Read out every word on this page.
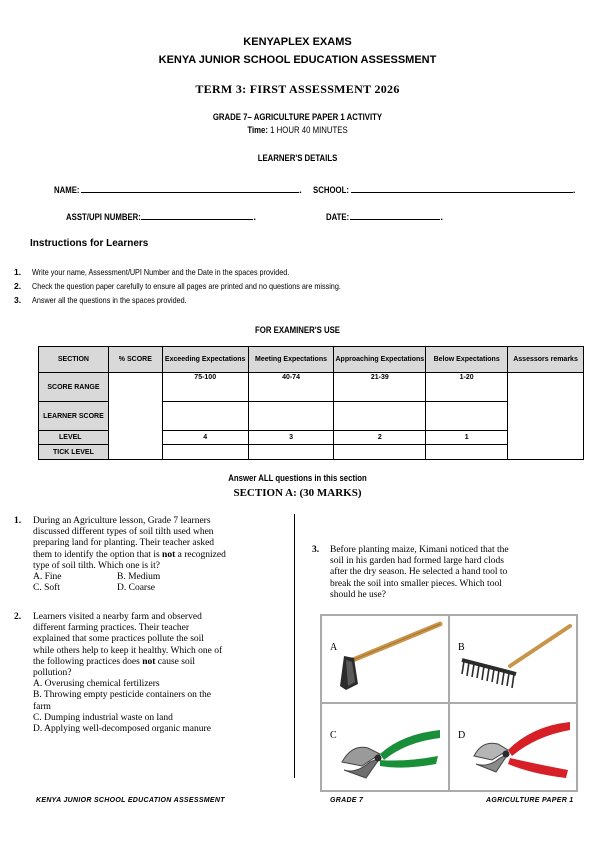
KENYAPLEX EXAMS
KENYA JUNIOR SCHOOL EDUCATION ASSESSMENT
TERM 3: FIRST ASSESSMENT 2026
GRADE 7– AGRICULTURE PAPER 1 ACTIVITY
Time: 1 HOUR 40 MINUTES
LEARNER'S DETAILS
NAME:	. SCHOOL:	.
ASST/UPI NUMBER:	.	DATE:	.
Instructions for Learners
1. Write your name, Assessment/UPI Number and the Date in the spaces provided.
2. Check the question paper carefully to ensure all pages are printed and no questions are missing.
3. Answer all the questions in the spaces provided.
FOR EXAMINER'S USE
SECTION	% SCORE	Exceeding Expectations	Meeting Expectations	Approaching Expectations	Below Expectations	Assessors remarks
SCORE RANGE		75-100	40-74	21-39	1-20	
LEARNER SCORE						
LEVEL		4	3	2	1	
TICK LEVEL						
Answer ALL questions in this section
SECTION A: (30 MARKS)
1. During an Agriculture lesson, Grade 7 learners

discussed different types of soil tilth used when

preparing land for planting. Their teacher asked

them to identify the option that is not a recognized

type of soil tilth. Which one is it?

A. Fine	B. Medium

C. Soft	D. Coarse

2. Learners visited a nearby farm and observed

different farming practices. Their teacher

explained that some practices pollute the soil

while others help to keep it healthy. Which one of

the following practices does not cause soil

pollution?

A. Overusing chemical fertilizers

B. Throwing empty pesticide containers on the

farm

C. Dumping industrial waste on land

D. Applying well-decomposed organic manure

3. Before planting maize, Kimani noticed that the

soil in his garden had formed large hard clods

after the dry season. He selected a hand tool to

break the soil into smaller pieces. Which tool

should he use?

A	B
C	D
KENYA JUNIOR SCHOOL EDUCATION ASSESSMENT	GRADE 7	AGRICULTURE PAPER 1
